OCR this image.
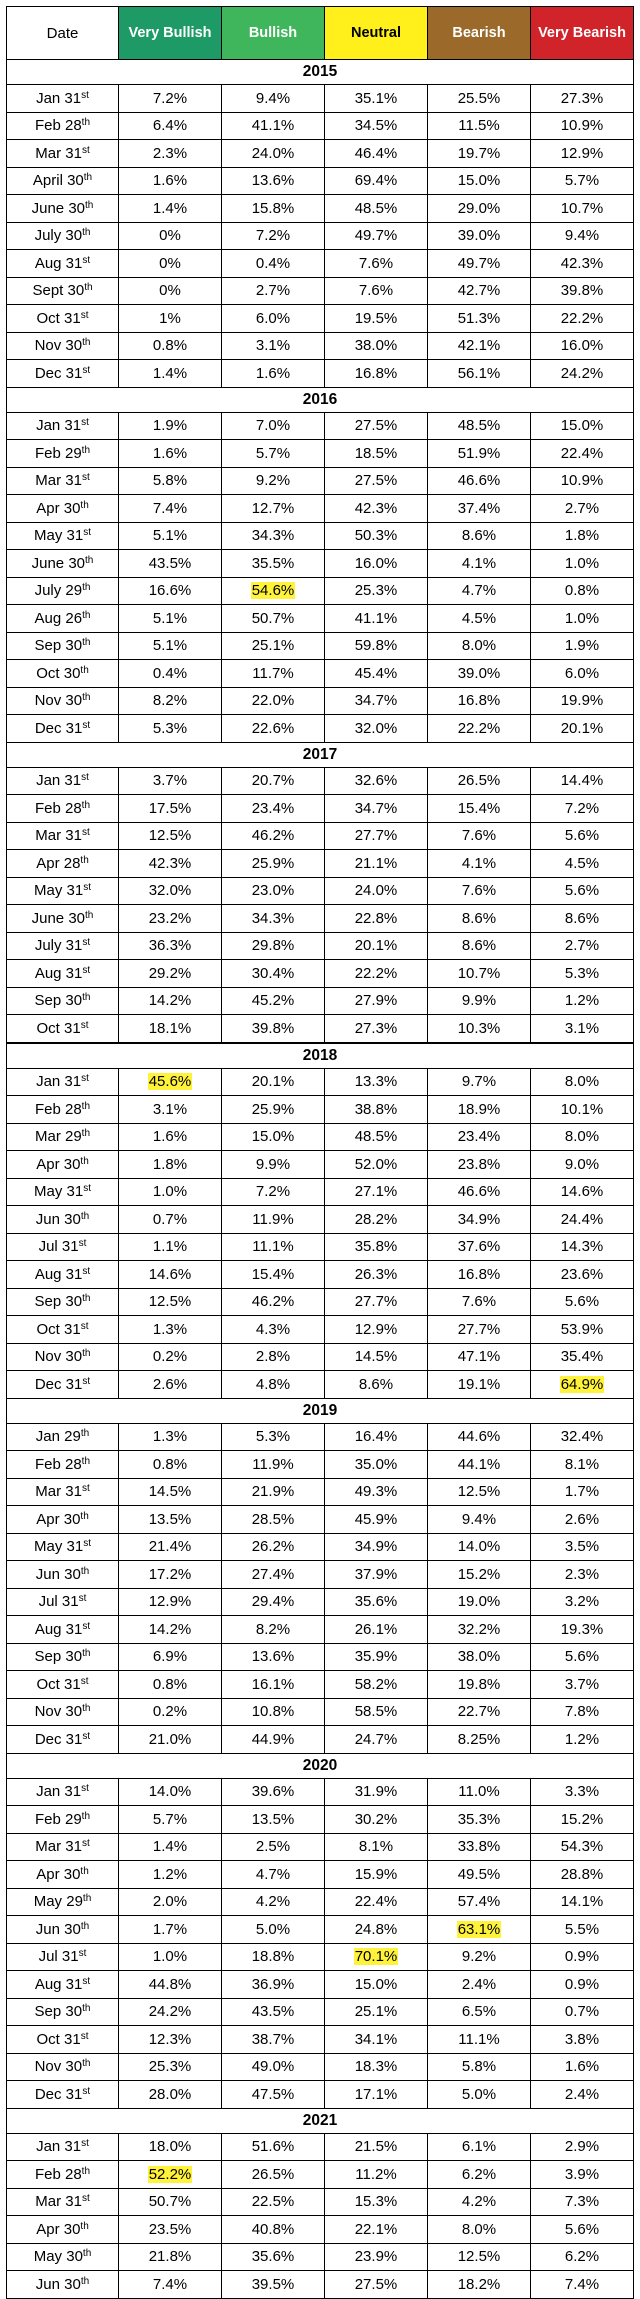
Date	Very Bullish	Bullish	Neutral	Bearish	Very Bearish
2015					
Jan 31st	7.2%	9.4%	35.1%	25.5%	27.3%
Feb 28th	6.4%	41.1%	34.5%	11.5%	10.9%
Mar 31st	2.3%	24.0%	46.4%	19.7%	12.9%
April 30th	1.6%	13.6%	69.4%	15.0%	5.7%
June 30th	1.4%	15.8%	48.5%	29.0%	10.7%
July 30th	0%	7.2%	49.7%	39.0%	9.4%
Aug 31st	0%	0.4%	7.6%	49.7%	42.3%
Sept 30th	0%	2.7%	7.6%	42.7%	39.8%
Oct 31st	1%	6.0%	19.5%	51.3%	22.2%
Nov 30th	0.8%	3.1%	38.0%	42.1%	16.0%
Dec 31st	1.4%	1.6%	16.8%	56.1%	24.2%
2016					
Jan 31st	1.9%	7.0%	27.5%	48.5%	15.0%
Feb 29th	1.6%	5.7%	18.5%	51.9%	22.4%
Mar 31st	5.8%	9.2%	27.5%	46.6%	10.9%
Apr 30th	7.4%	12.7%	42.3%	37.4%	2.7%
May 31st	5.1%	34.3%	50.3%	8.6%	1.8%
June 30th	43.5%	35.5%	16.0%	4.1%	1.0%
July 29th	16.6%	54.6%	25.3%	4.7%	0.8%
Aug 26th	5.1%	50.7%	41.1%	4.5%	1.0%
Sep 30th	5.1%	25.1%	59.8%	8.0%	1.9%
Oct 30th	0.4%	11.7%	45.4%	39.0%	6.0%
Nov 30th	8.2%	22.0%	34.7%	16.8%	19.9%
Dec 31st	5.3%	22.6%	32.0%	22.2%	20.1%
2017					
Jan 31st	3.7%	20.7%	32.6%	26.5%	14.4%
Feb 28th	17.5%	23.4%	34.7%	15.4%	7.2%
Mar 31st	12.5%	46.2%	27.7%	7.6%	5.6%
Apr 28th	42.3%	25.9%	21.1%	4.1%	4.5%
May 31st	32.0%	23.0%	24.0%	7.6%	5.6%
June 30th	23.2%	34.3%	22.8%	8.6%	8.6%
July 31st	36.3%	29.8%	20.1%	8.6%	2.7%
Aug 31st	29.2%	30.4%	22.2%	10.7%	5.3%
Sep 30th	14.2%	45.2%	27.9%	9.9%	1.2%
Oct 31st	18.1%	39.8%	27.3%	10.3%	3.1%
2018					
Jan 31st	45.6%	20.1%	13.3%	9.7%	8.0%
Feb 28th	3.1%	25.9%	38.8%	18.9%	10.1%
Mar 29th	1.6%	15.0%	48.5%	23.4%	8.0%
Apr 30th	1.8%	9.9%	52.0%	23.8%	9.0%
May 31st	1.0%	7.2%	27.1%	46.6%	14.6%
Jun 30th	0.7%	11.9%	28.2%	34.9%	24.4%
Jul 31st	1.1%	11.1%	35.8%	37.6%	14.3%
Aug 31st	14.6%	15.4%	26.3%	16.8%	23.6%
Sep 30th	12.5%	46.2%	27.7%	7.6%	5.6%
Oct 31st	1.3%	4.3%	12.9%	27.7%	53.9%
Nov 30th	0.2%	2.8%	14.5%	47.1%	35.4%
Dec 31st	2.6%	4.8%	8.6%	19.1%	64.9%
2019					
Jan 29th	1.3%	5.3%	16.4%	44.6%	32.4%
Feb 28th	0.8%	11.9%	35.0%	44.1%	8.1%
Mar 31st	14.5%	21.9%	49.3%	12.5%	1.7%
Apr 30th	13.5%	28.5%	45.9%	9.4%	2.6%
May 31st	21.4%	26.2%	34.9%	14.0%	3.5%
Jun 30th	17.2%	27.4%	37.9%	15.2%	2.3%
Jul 31st	12.9%	29.4%	35.6%	19.0%	3.2%
Aug 31st	14.2%	8.2%	26.1%	32.2%	19.3%
Sep 30th	6.9%	13.6%	35.9%	38.0%	5.6%
Oct 31st	0.8%	16.1%	58.2%	19.8%	3.7%
Nov 30th	0.2%	10.8%	58.5%	22.7%	7.8%
Dec 31st	21.0%	44.9%	24.7%	8.25%	1.2%
2020					
Jan 31st	14.0%	39.6%	31.9%	11.0%	3.3%
Feb 29th	5.7%	13.5%	30.2%	35.3%	15.2%
Mar 31st	1.4%	2.5%	8.1%	33.8%	54.3%
Apr 30th	1.2%	4.7%	15.9%	49.5%	28.8%
May 29th	2.0%	4.2%	22.4%	57.4%	14.1%
Jun 30th	1.7%	5.0%	24.8%	63.1%	5.5%
Jul 31st	1.0%	18.8%	70.1%	9.2%	0.9%
Aug 31st	44.8%	36.9%	15.0%	2.4%	0.9%
Sep 30th	24.2%	43.5%	25.1%	6.5%	0.7%
Oct 31st	12.3%	38.7%	34.1%	11.1%	3.8%
Nov 30th	25.3%	49.0%	18.3%	5.8%	1.6%
Dec 31st	28.0%	47.5%	17.1%	5.0%	2.4%
2021					
Jan 31st	18.0%	51.6%	21.5%	6.1%	2.9%
Feb 28th	52.2%	26.5%	11.2%	6.2%	3.9%
Mar 31st	50.7%	22.5%	15.3%	4.2%	7.3%
Apr 30th	23.5%	40.8%	22.1%	8.0%	5.6%
May 30th	21.8%	35.6%	23.9%	12.5%	6.2%
Jun 30th	7.4%	39.5%	27.5%	18.2%	7.4%
